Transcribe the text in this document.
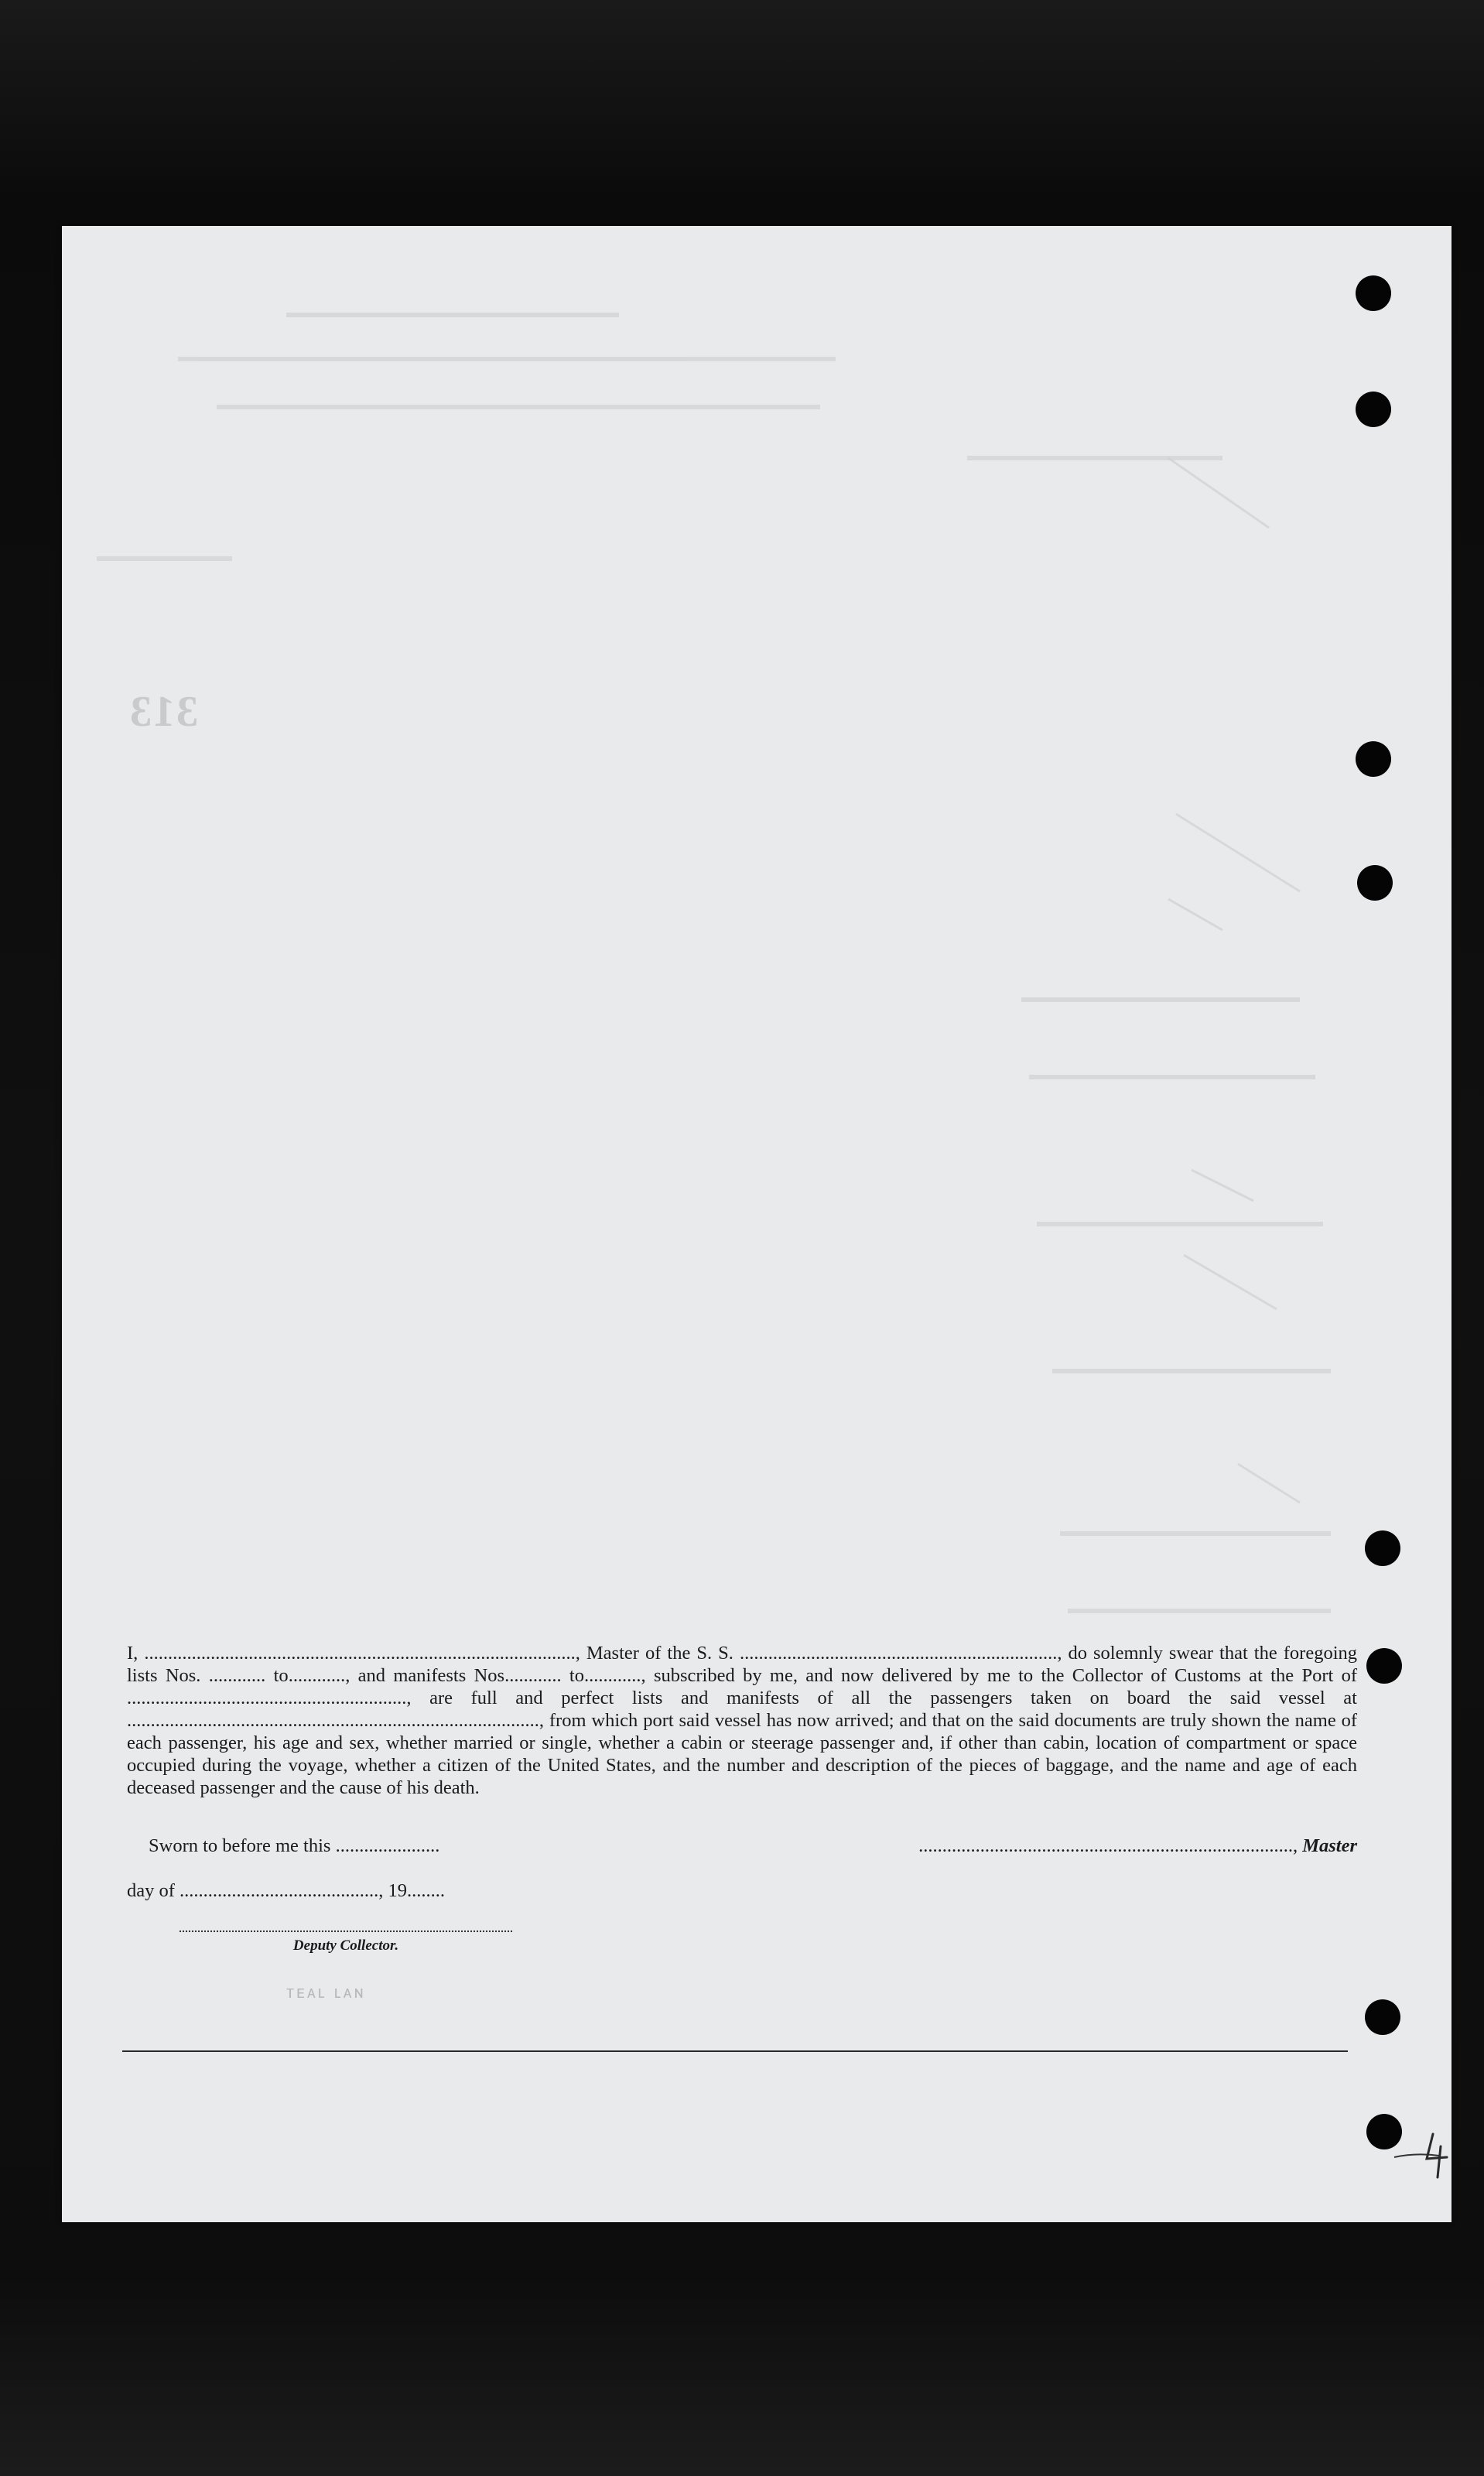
313
I, ..........................................................................................., Master of the S. S. ..................................................................., do solemnly swear that the foregoing lists Nos. ............ to............, and manifests Nos............ to............, subscribed by me, and now delivered by me to the Collector of Customs at the Port of ..........................................................., are full and perfect lists and manifests of all the passengers taken on board the said vessel at ......................................................................................., from which port said vessel has now arrived; and that on the said documents are truly shown the name of each passenger, his age and sex, whether married or single, whether a cabin or steerage passenger and, if other than cabin, location of compartment or space occupied during the voyage, whether a citizen of the United States, and the number and description of the pieces of baggage, and the name and age of each deceased passenger and the cause of his death.
Sworn to before me this ......................	..............................................................................., Master
day of .........................................., 19........
Deputy Collector.
ᴛᴇᴀʟ ʟᴀɴ
